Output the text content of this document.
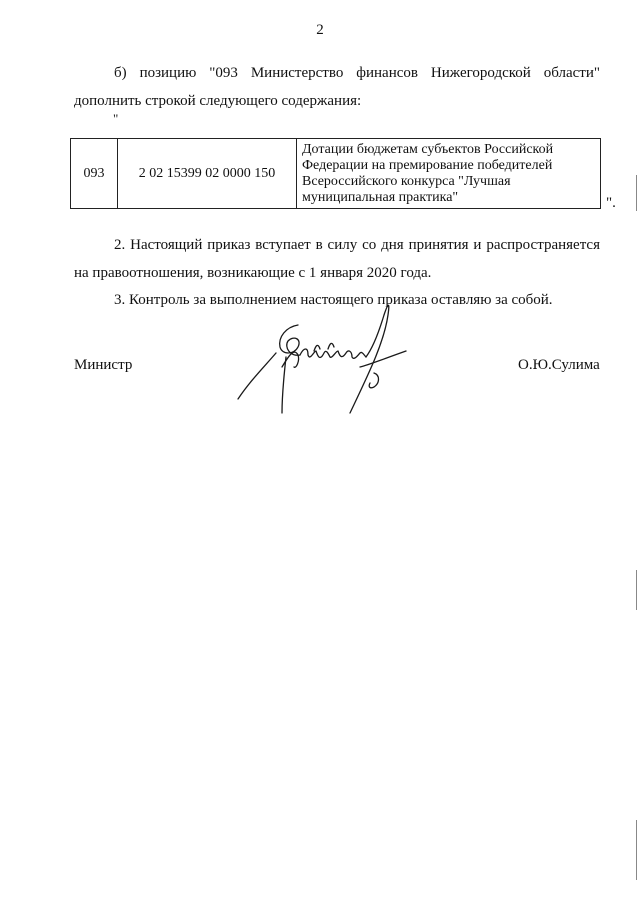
2

б) позицию "093 Министерство финансов Нижегородской области"
дополнить строкой следующего содержания:

"
093	2 02 15399 02 0000 150	Дотации бюджетам субъектов Российской Федерации на премирование победителей Всероссийского конкурса "Лучшая муниципальная практика"	".

2. Настоящий приказ вступает в силу со дня принятия и распространяется
на правоотношения, возникающие с 1 января 2020 года.

3. Контроль за выполнением настоящего приказа оставляю за собой.

Министр	О.Ю.Сулима
